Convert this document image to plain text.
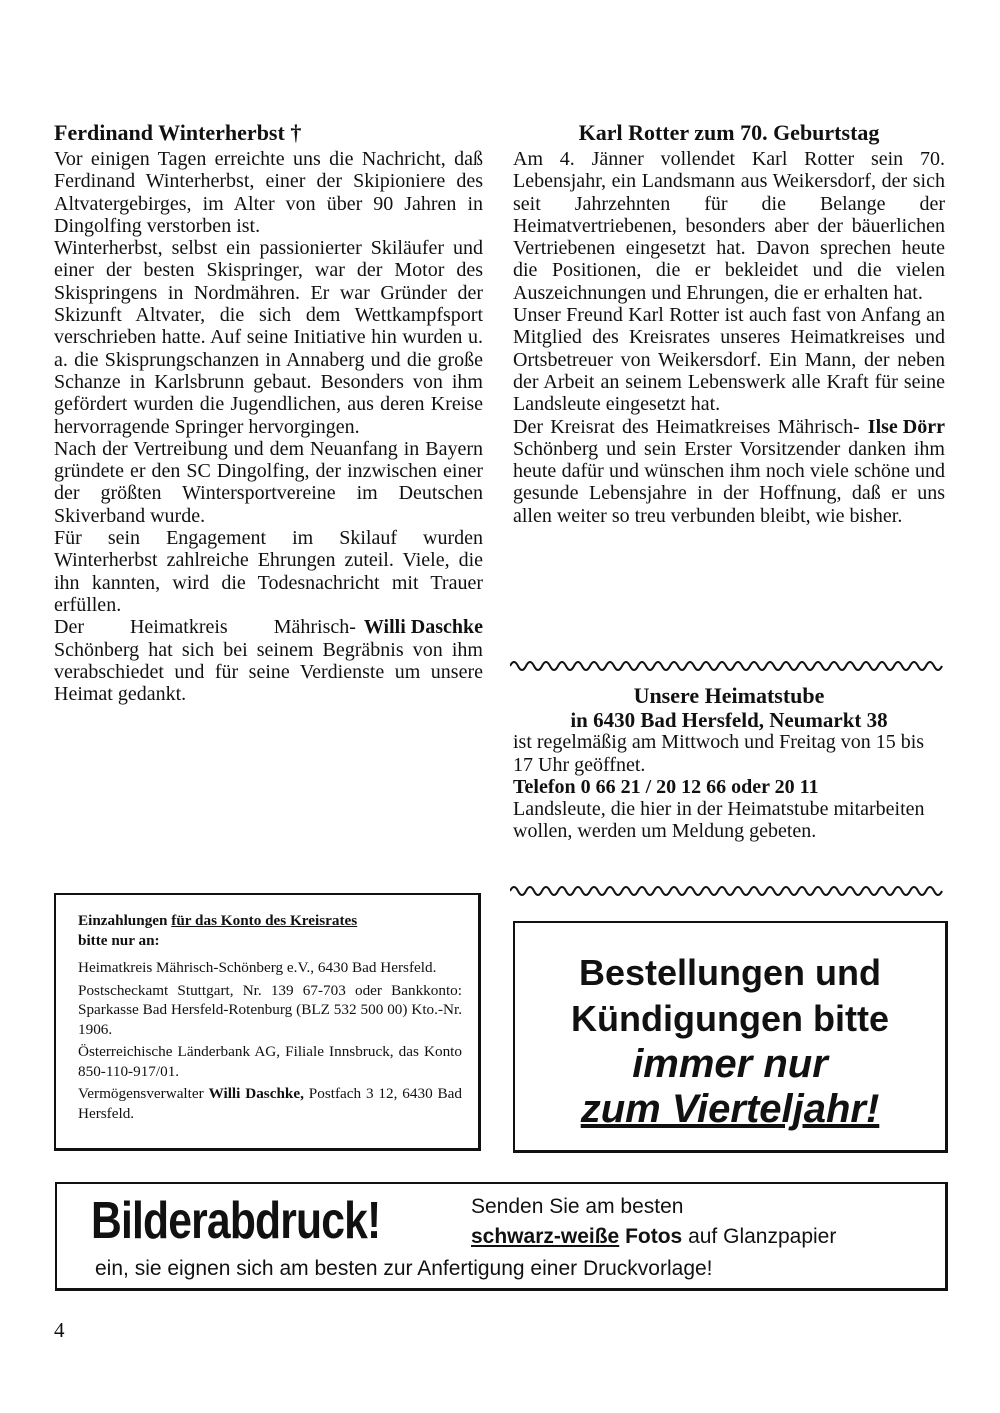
Ferdinand Winterherbst †

Vor einigen Tagen erreichte uns die Nachricht, daß Ferdinand Winterherbst, einer der Skipioniere des Altvatergebirges, im Alter von über 90 Jahren in Dingolfing verstorben ist.

Winterherbst, selbst ein passionierter Skiläufer und einer der besten Skispringer, war der Motor des Skispringens in Nordmähren. Er war Gründer der Skizunft Altvater, die sich dem Wettkampfsport verschrieben hatte. Auf seine Initiative hin wurden u. a. die Skisprungschanzen in Annaberg und die große Schanze in Karlsbrunn gebaut. Besonders von ihm gefördert wurden die Jugendlichen, aus deren Kreise hervorragende Springer hervorgingen.

Nach der Vertreibung und dem Neuanfang in Bayern gründete er den SC Dingolfing, der inzwischen einer der größten Wintersportvereine im Deutschen Skiverband wurde.

Für sein Engagement im Skilauf wurden Winterherbst zahlreiche Ehrungen zuteil. Viele, die ihn kannten, wird die Todesnachricht mit Trauer erfüllen.

Willi Daschke
Der Heimatkreis Mährisch-Schönberg hat sich bei seinem Begräbnis von ihm verabschiedet und für seine Verdienste um unsere Heimat gedankt.

Karl Rotter zum 70. Geburtstag

Am 4. Jänner vollendet Karl Rotter sein 70. Lebensjahr, ein Landsmann aus Weikersdorf, der sich seit Jahrzehnten für die Belange der Heimatvertriebenen, besonders aber der bäuerlichen Vertriebenen eingesetzt hat. Davon sprechen heute die Positionen, die er bekleidet und die vielen Auszeichnungen und Ehrungen, die er erhalten hat.

Unser Freund Karl Rotter ist auch fast von Anfang an Mitglied des Kreisrates unseres Heimatkreises und Ortsbetreuer von Weikersdorf. Ein Mann, der neben der Arbeit an seinem Lebenswerk alle Kraft für seine Landsleute eingesetzt hat.

Ilse Dörr
Der Kreisrat des Heimatkreises Mährisch-Schönberg und sein Erster Vorsitzender danken ihm heute dafür und wünschen ihm noch viele schöne und gesunde Lebensjahre in der Hoffnung, daß er uns allen weiter so treu verbunden bleibt, wie bisher.

Unsere Heimatstube

in 6430 Bad Hersfeld, Neumarkt 38

ist regelmäßig am Mittwoch und Freitag von 15 bis 17 Uhr geöffnet.

Telefon 0 66 21 / 20 12 66 oder 20 11

Landsleute, die hier in der Heimatstube mitarbeiten wollen, werden um Meldung gebeten.

Einzahlungen für das Konto des Kreisrates

bitte nur an:

Heimatkreis Mährisch-Schönberg e.V., 6430 Bad Hersfeld.

Postscheckamt Stuttgart, Nr. 139 67-703 oder Bankkonto: Sparkasse Bad Hersfeld-Rotenburg (BLZ 532 500 00) Kto.-Nr. 1906.

Österreichische Länderbank AG, Filiale Innsbruck, das Konto 850-110-917/01.

Vermögensverwalter Willi Daschke, Postfach 3 12, 6430 Bad Hersfeld.

Bestellungen und
Kündigungen bitte
immer nur
zum Vierteljahr!
Bilderabdruck!	Senden Sie am besten
schwarz-weiße Fotos auf Glanzpapier
ein, sie eignen sich am besten zur Anfertigung einer Druckvorlage!
4
